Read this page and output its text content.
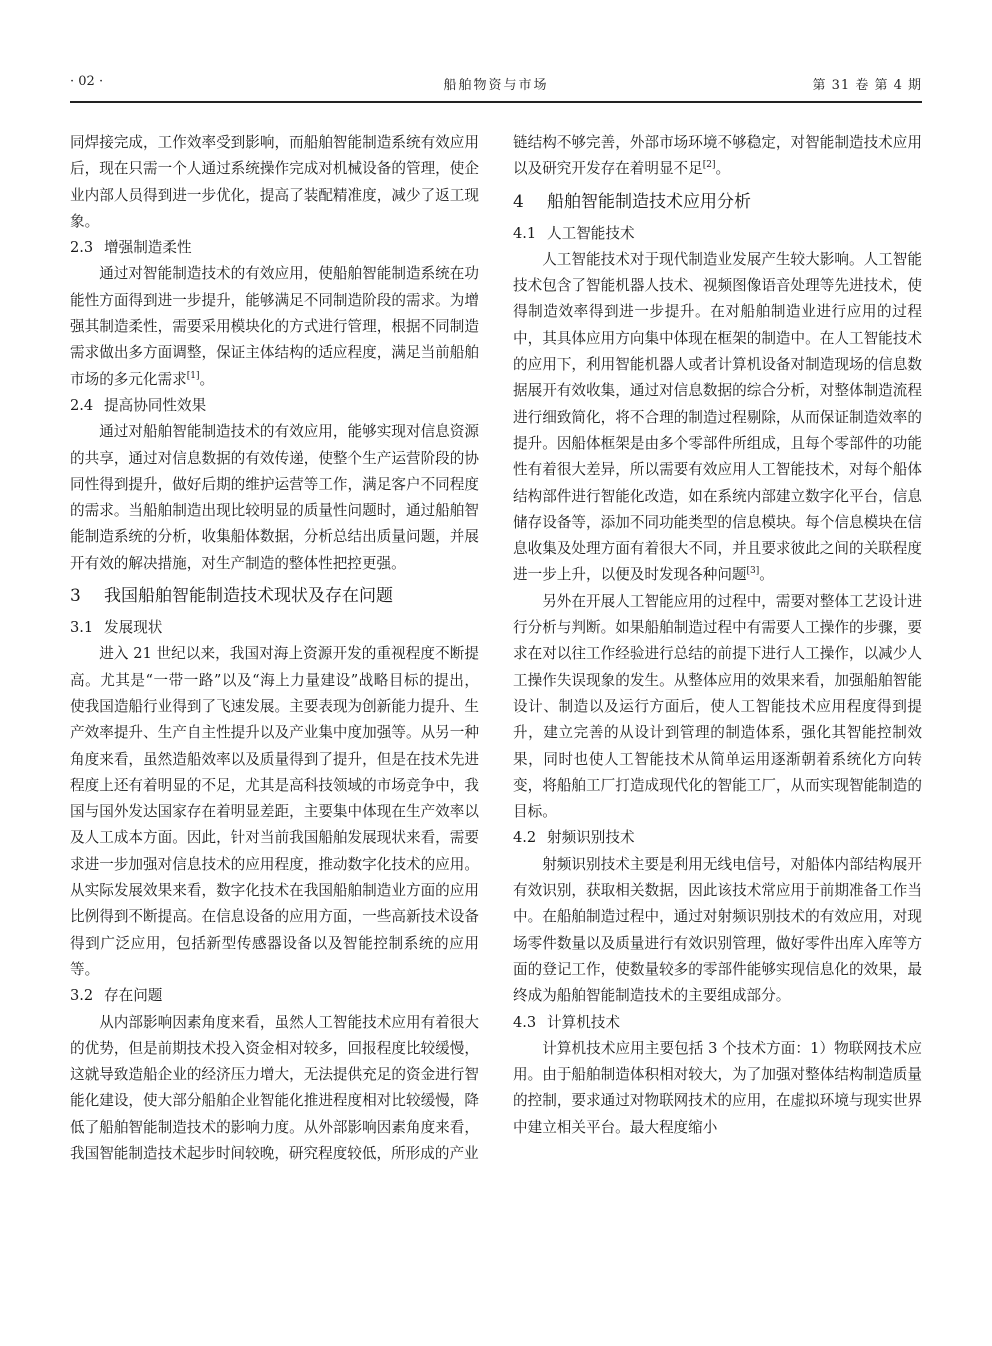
· 02 ·	船舶物资与市场	第 31 卷 第 4 期

同焊接完成，工作效率受到影响，而船舶智能制造系统有效应用后，现在只需一个人通过系统操作完成对机械设备的管理，使企业内部人员得到进一步优化，提高了装配精准度，减少了返工现象。

2.3 增强制造柔性

通过对智能制造技术的有效应用，使船舶智能制造系统在功能性方面得到进一步提升，能够满足不同制造阶段的需求。为增强其制造柔性，需要采用模块化的方式进行管理，根据不同制造需求做出多方面调整，保证主体结构的适应程度，满足当前船舶市场的多元化需求[1]。

2.4 提高协同性效果

通过对船舶智能制造技术的有效应用，能够实现对信息资源的共享，通过对信息数据的有效传递，使整个生产运营阶段的协同性得到提升，做好后期的维护运营等工作，满足客户不同程度的需求。当船舶制造出现比较明显的质量性问题时，通过船舶智能制造系统的分析，收集船体数据，分析总结出质量问题，并展开有效的解决措施，对生产制造的整体性把控更强。

3 我国船舶智能制造技术现状及存在问题
3.1 发展现状

进入 21 世纪以来，我国对海上资源开发的重视程度不断提高。尤其是“一带一路”以及“海上力量建设”战略目标的提出，使我国造船行业得到了飞速发展。主要表现为创新能力提升、生产效率提升、生产自主性提升以及产业集中度加强等。从另一种角度来看，虽然造船效率以及质量得到了提升，但是在技术先进程度上还有着明显的不足，尤其是高科技领域的市场竞争中，我国与国外发达国家存在着明显差距，主要集中体现在生产效率以及人工成本方面。因此，针对当前我国船舶发展现状来看，需要求进一步加强对信息技术的应用程度，推动数字化技术的应用。从实际发展效果来看，数字化技术在我国船舶制造业方面的应用比例得到不断提高。在信息设备的应用方面，一些高新技术设备得到广泛应用，包括新型传感器设备以及智能控制系统的应用等。

3.2 存在问题

从内部影响因素角度来看，虽然人工智能技术应用有着很大的优势，但是前期技术投入资金相对较多，回报程度比较缓慢，这就导致造船企业的经济压力增大，无法提供充足的资金进行智能化建设，使大部分船舶企业智能化推进程度相对比较缓慢，降低了船舶智能制造技术的影响力度。从外部影响因素角度来看，我国智能制造技术起步时间较晚，研究程度较低，所形成的产业

链结构不够完善，外部市场环境不够稳定，对智能制造技术应用以及研究开发存在着明显不足[2]。

4 船舶智能制造技术应用分析
4.1 人工智能技术

人工智能技术对于现代制造业发展产生较大影响。人工智能技术包含了智能机器人技术、视频图像语音处理等先进技术，使得制造效率得到进一步提升。在对船舶制造业进行应用的过程中，其具体应用方向集中体现在框架的制造中。在人工智能技术的应用下，利用智能机器人或者计算机设备对制造现场的信息数据展开有效收集，通过对信息数据的综合分析，对整体制造流程进行细致简化，将不合理的制造过程剔除，从而保证制造效率的提升。因船体框架是由多个零部件所组成，且每个零部件的功能性有着很大差异，所以需要有效应用人工智能技术，对每个船体结构部件进行智能化改造，如在系统内部建立数字化平台，信息储存设备等，添加不同功能类型的信息模块。每个信息模块在信息收集及处理方面有着很大不同，并且要求彼此之间的关联程度进一步上升，以便及时发现各种问题[3]。

另外在开展人工智能应用的过程中，需要对整体工艺设计进行分析与判断。如果船舶制造过程中有需要人工操作的步骤，要求在对以往工作经验进行总结的前提下进行人工操作，以减少人工操作失误现象的发生。从整体应用的效果来看，加强船舶智能设计、制造以及运行方面后，使人工智能技术应用程度得到提升，建立完善的从设计到管理的制造体系，强化其智能控制效果，同时也使人工智能技术从简单运用逐渐朝着系统化方向转变，将船舶工厂打造成现代化的智能工厂，从而实现智能制造的目标。

4.2 射频识别技术

射频识别技术主要是利用无线电信号，对船体内部结构展开有效识别，获取相关数据，因此该技术常应用于前期准备工作当中。在船舶制造过程中，通过对射频识别技术的有效应用，对现场零件数量以及质量进行有效识别管理，做好零件出库入库等方面的登记工作，使数量较多的零部件能够实现信息化的效果，最终成为船舶智能制造技术的主要组成部分。

4.3 计算机技术

计算机技术应用主要包括 3 个技术方面：1）物联网技术应用。由于船舶制造体积相对较大，为了加强对整体结构制造质量的控制，要求通过对物联网技术的应用，在虚拟环境与现实世界中建立相关平台。最大程度缩小
